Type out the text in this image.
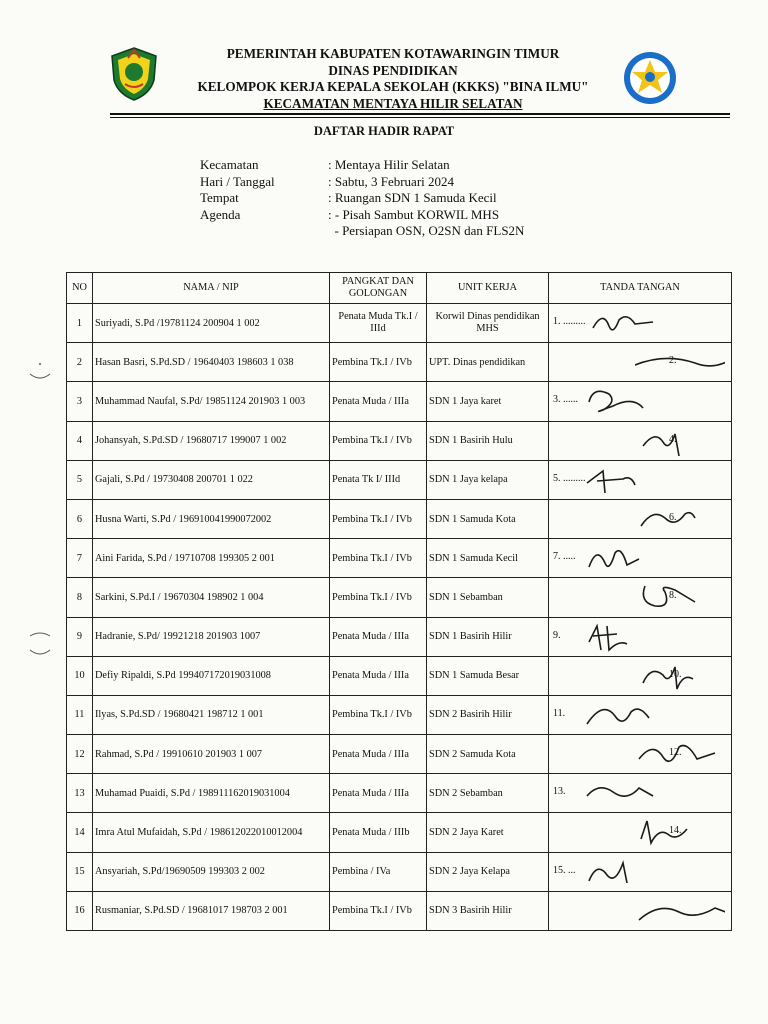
PEMERINTAH KABUPATEN KOTAWARINGIN TIMUR
DINAS PENDIDIKAN
KELOMPOK KERJA KEPALA SEKOLAH (KKKS) "BINA ILMU"
KECAMATAN MENTAYA HILIR SELATAN
DAFTAR HADIR RAPAT
Kecamatan	: Mentaya Hilir Selatan
Hari / Tanggal	: Sabtu, 3 Februari 2024
Tempat	: Ruangan SDN 1 Samuda Kecil
Agenda	: - Pisah Sambut KORWIL MHS
- Persiapan OSN, O2SN dan FLS2N
NO	NAMA / NIP	PANGKAT DAN GOLONGAN	UNIT KERJA	TANDA TANGAN
1	Suriyadi, S.Pd /19781124 200904 1 002	Penata Muda Tk.I / IIId	Korwil Dinas pendidikan MHS	1. .........

2	Hasan Basri, S.Pd.SD / 19640403 198603 1 038	Pembina Tk.I / IVb	UPT. Dinas pendidikan	2.

3	Muhammad Naufal, S.Pd/ 19851124 201903 1 003	Penata Muda / IIIa	SDN 1 Jaya karet	3. ......

4	Johansyah, S.Pd.SD / 19680717 199007 1 002	Pembina Tk.I / IVb	SDN 1 Basirih Hulu	4.

5	Gajali, S.Pd / 19730408 200701 1 022	Penata Tk I/ IIId	SDN 1 Jaya kelapa	5. .........

6	Husna Warti, S.Pd / 196910041990072002	Pembina Tk.I / IVb	SDN 1 Samuda Kota	6.

7	Aini Farida, S.Pd / 19710708 199305 2 001	Pembina Tk.I / IVb	SDN 1 Samuda Kecil	7. .....

8	Sarkini, S.Pd.I / 19670304 198902 1 004	Pembina Tk.I / IVb	SDN 1 Sebamban	8.

9	Hadranie, S.Pd/ 19921218 201903 1007	Penata Muda / IIIa	SDN 1 Basirih Hilir	9.

10	Defiy Ripaldi, S.Pd 199407172019031008	Penata Muda / IIIa	SDN 1 Samuda Besar	10.

11	Ilyas, S.Pd.SD / 19680421 198712 1 001	Pembina Tk.I / IVb	SDN 2 Basirih Hilir	11.

12	Rahmad, S.Pd / 19910610 201903 1 007	Penata Muda / IIIa	SDN 2 Samuda Kota	12.

13	Muhamad Puaidi, S.Pd / 198911162019031004	Penata Muda / IIIa	SDN 2 Sebamban	13.

14	Imra Atul Mufaidah, S.Pd / 198612022010012004	Penata Muda / IIIb	SDN 2 Jaya Karet	14.

15	Ansyariah, S.Pd/19690509 199303 2 002	Pembina / IVa	SDN 2 Jaya Kelapa	15. ...

16	Rusmaniar, S.Pd.SD / 19681017 198703 2 001	Pembina Tk.I / IVb	SDN 3 Basirih Hilir	
